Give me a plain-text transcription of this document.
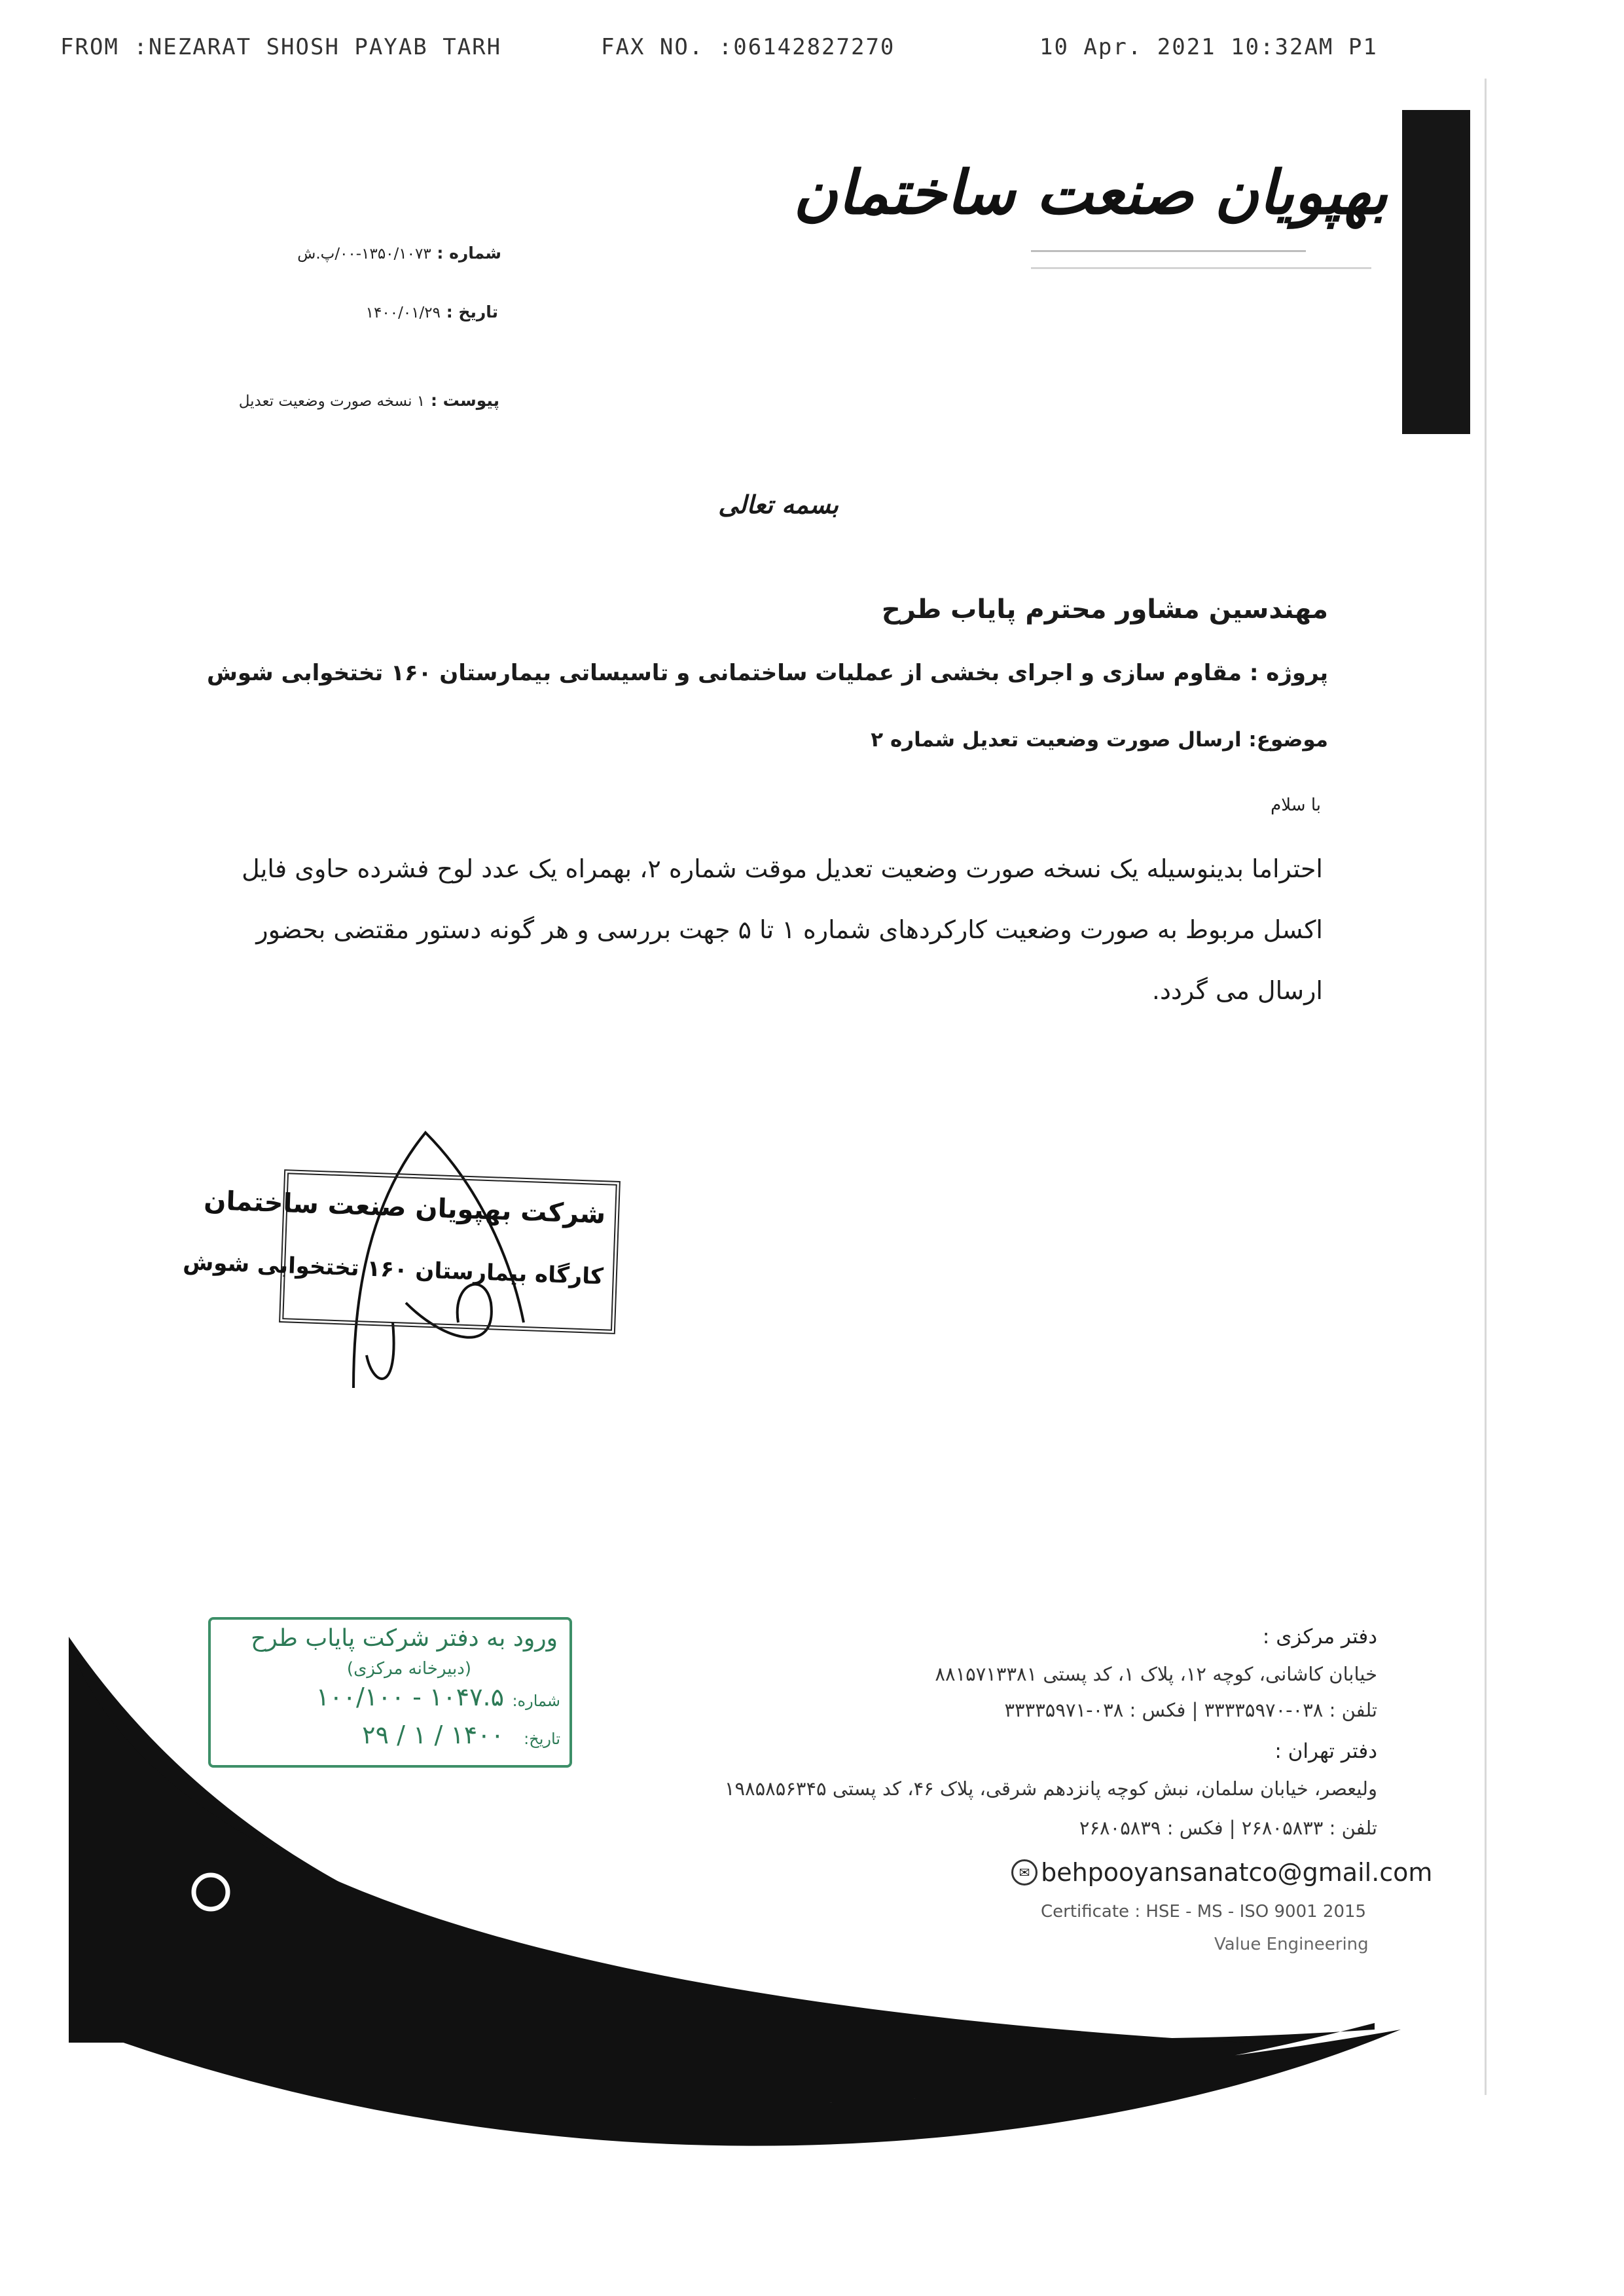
FROM :NEZARAT SHOSH PAYAB TARH	FAX NO. :06142827270	10 Apr. 2021 10:32AM P1
بهپویان صنعت ساختمان
شماره : ۱۳۵۰/۱۰۷۳-۰۰/پ.ش
تاریخ : ۱۴۰۰/۰۱/۲۹
پیوست : ۱ نسخه صورت وضعیت تعدیل
بسمه تعالی
مهندسین مشاور محترم پایاب طرح
پروژه : مقاوم سازی و اجرای بخشی از عملیات ساختمانی و تاسیساتی بیمارستان ۱۶۰ تختخوابی شوش
موضوع: ارسال صورت وضعیت تعدیل شماره ۲
با سلام
احتراما بدینوسیله یک نسخه صورت وضعیت تعدیل موقت شماره ۲، بهمراه یک عدد لوح فشرده حاوی فایل
اکسل مربوط به صورت وضعیت کارکردهای شماره ۱ تا ۵ جهت بررسی و هر گونه دستور مقتضی بحضور
ارسال می گردد.
شرکت بهپویان صنعت ساختمان
کارگاه بیمارستان ۱۶۰ تختخوابی شوش
ورود به دفتر شرکت پایاب طرح
(دبیرخانه مرکزی)
شماره:
۱۰۴۷.۵ - ۱۰۰/۱۰۰
تاریخ:
۱۴۰۰ / ۱ / ۲۹
دفتر مرکزی :
خیابان کاشانی، کوچه ۱۲، پلاک ۱، کد پستی ۸۸۱۵۷۱۳۳۸۱
تلفن : ۰۳۸-۳۳۳۳۵۹۷۰ | فکس : ۰۳۸-۳۳۳۳۵۹۷۱
دفتر تهران :
ولیعصر، خیابان سلمان، نبش کوچه پانزدهم شرقی، پلاک ۴۶، کد پستی ۱۹۸۵۸۵۶۳۴۵
تلفن : ۲۶۸۰۵۸۳۳ | فکس : ۲۶۸۰۵۸۳۹
✉ behpooyansanatco@gmail.com
Certificate : HSE - MS - ISO 9001 2015
Value Engineering
